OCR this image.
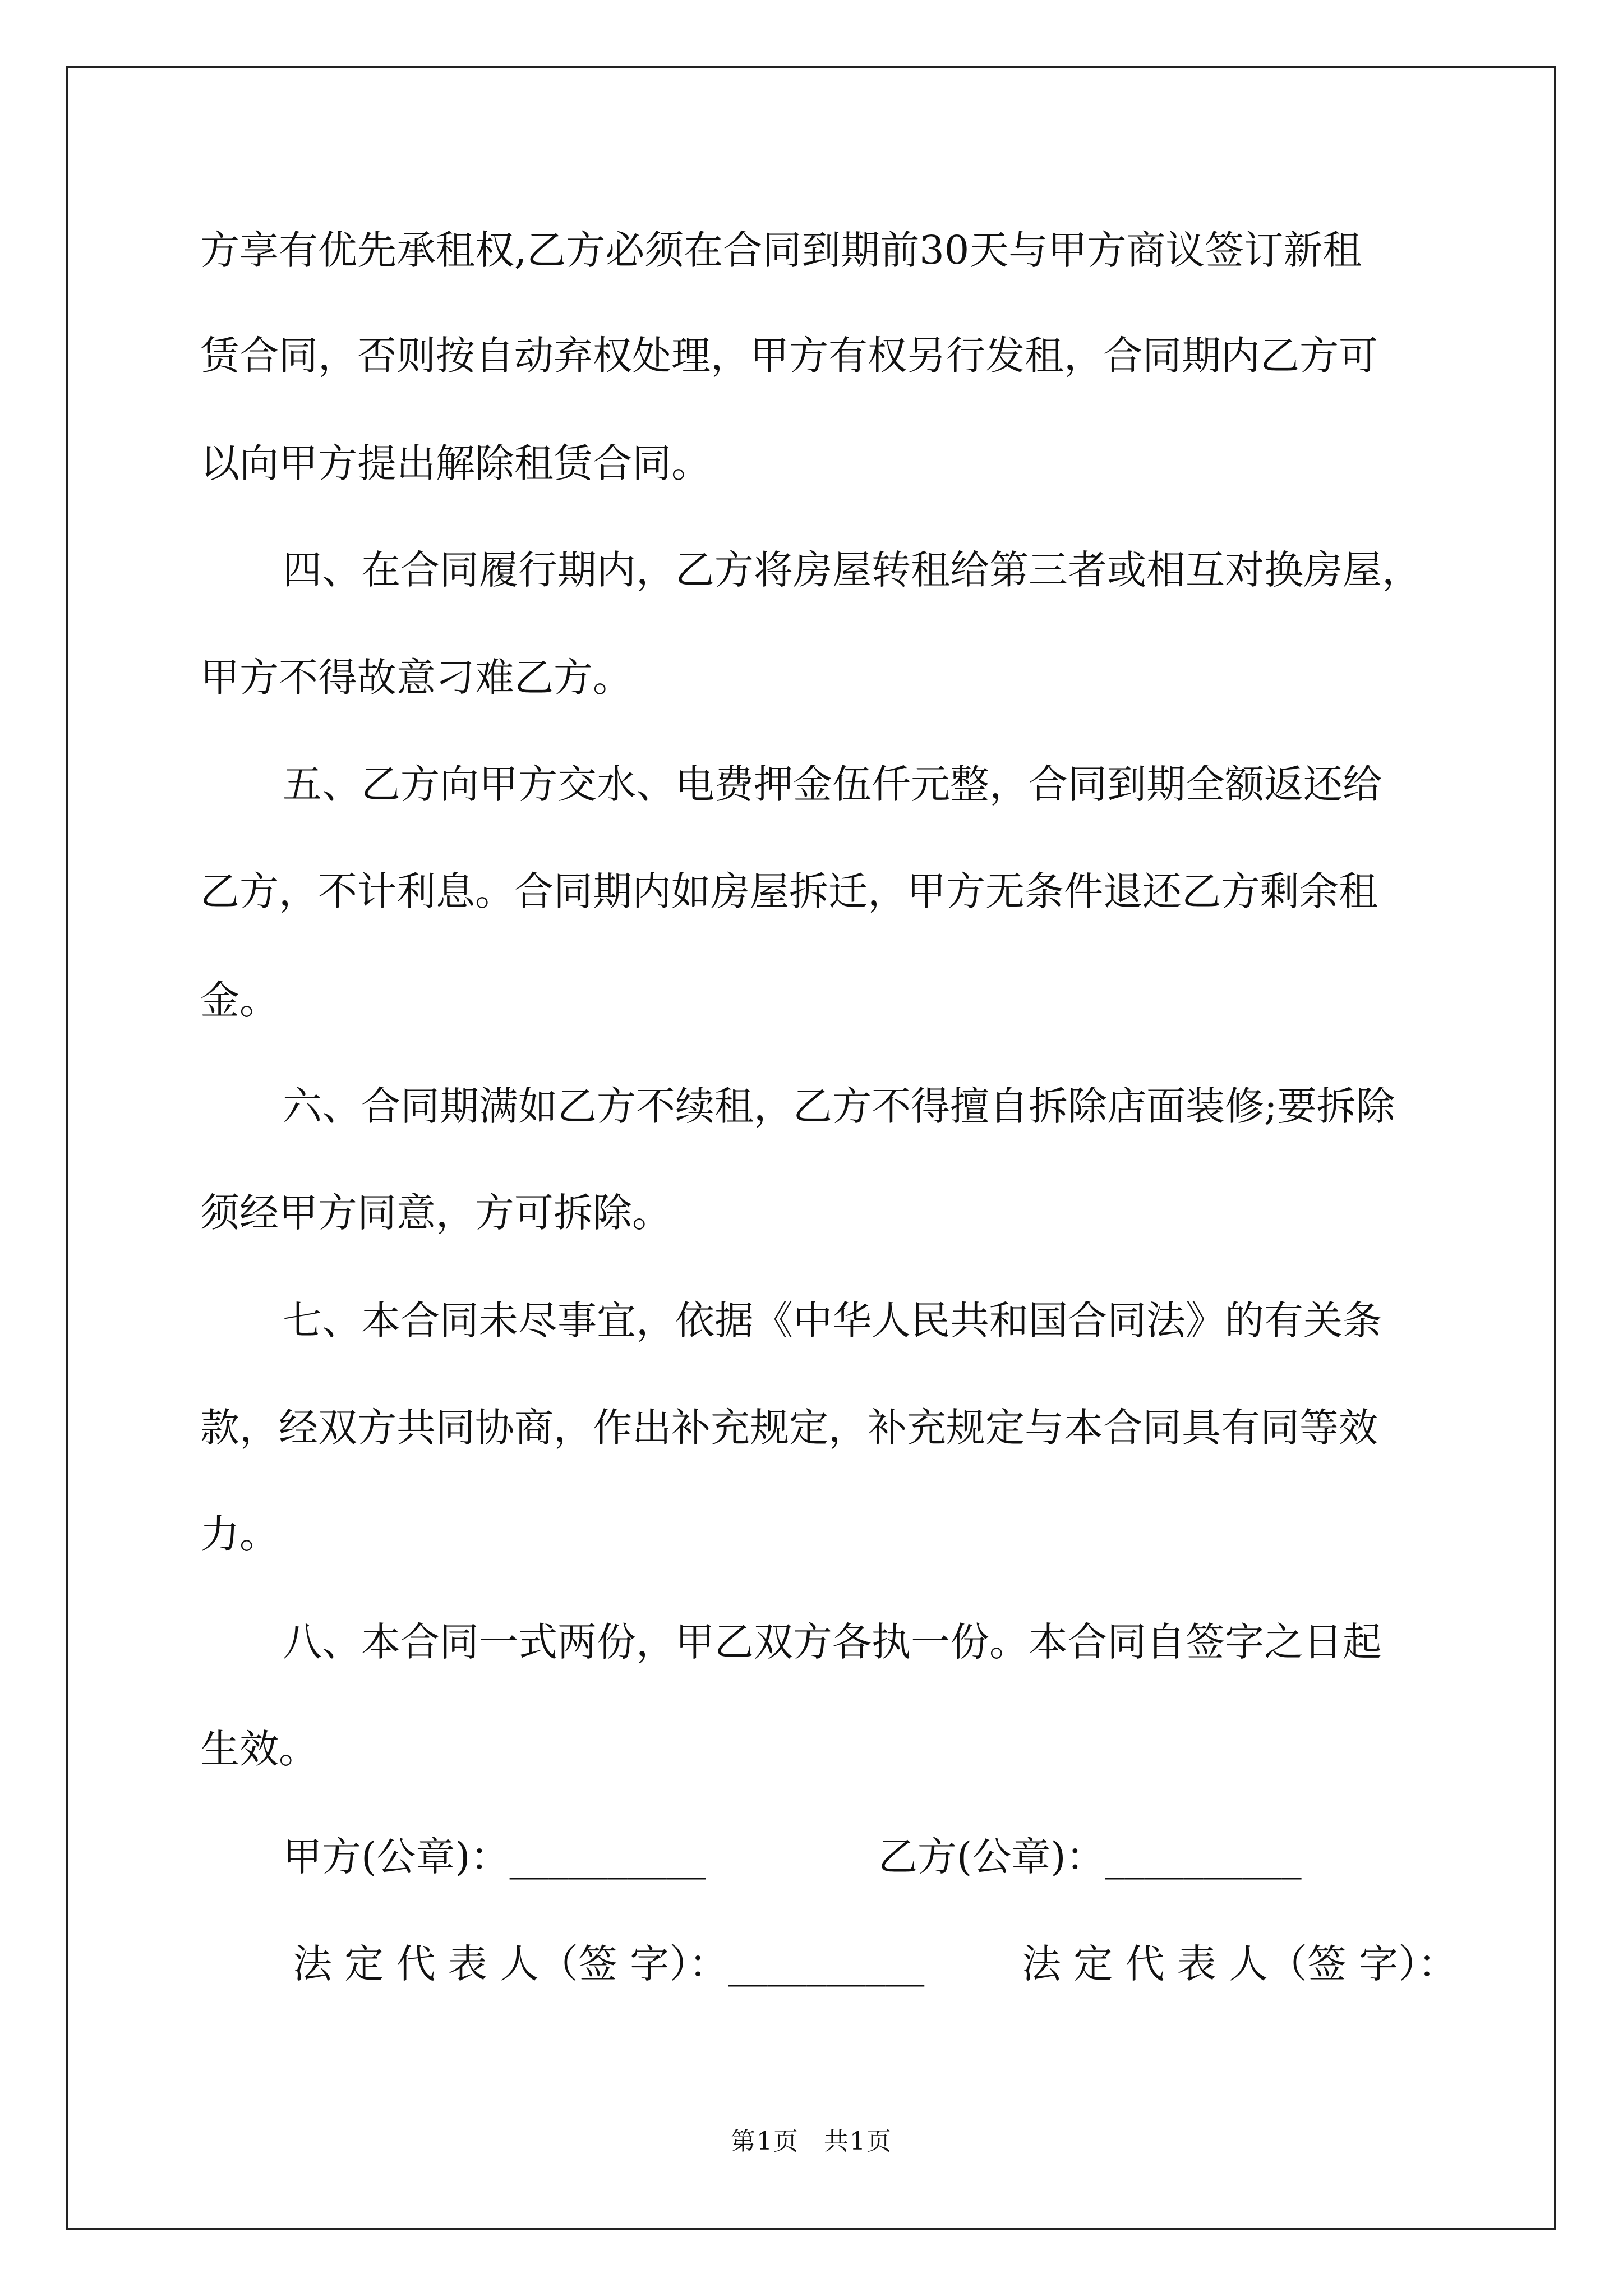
方享有优先承租权,乙方必须在合同到期前30天与甲方商议签订新租
赁合同，否则按自动弃权处理，甲方有权另行发租，合同期内乙方可
以向甲方提出解除租赁合同。
四、在合同履行期内，乙方将房屋转租给第三者或相互对换房屋，
甲方不得故意刁难乙方。
五、乙方向甲方交水、电费押金伍仟元整，合同到期全额返还给
乙方，不计利息。合同期内如房屋拆迁，甲方无条件退还乙方剩余租
金。
六、合同期满如乙方不续租，乙方不得擅自拆除店面装修;要拆除
须经甲方同意，方可拆除。
七、本合同未尽事宜，依据《中华人民共和国合同法》的有关条
款，经双方共同协商，作出补充规定，补充规定与本合同具有同等效
力。
八、本合同一式两份，甲乙双方各执一份。本合同自签字之日起
生效。
甲方(公章)：__________	乙方(公章)：__________
法 定 代 表 人（签 字）：__________ 法 定 代 表 人（签 字）：
第1页 共1页
